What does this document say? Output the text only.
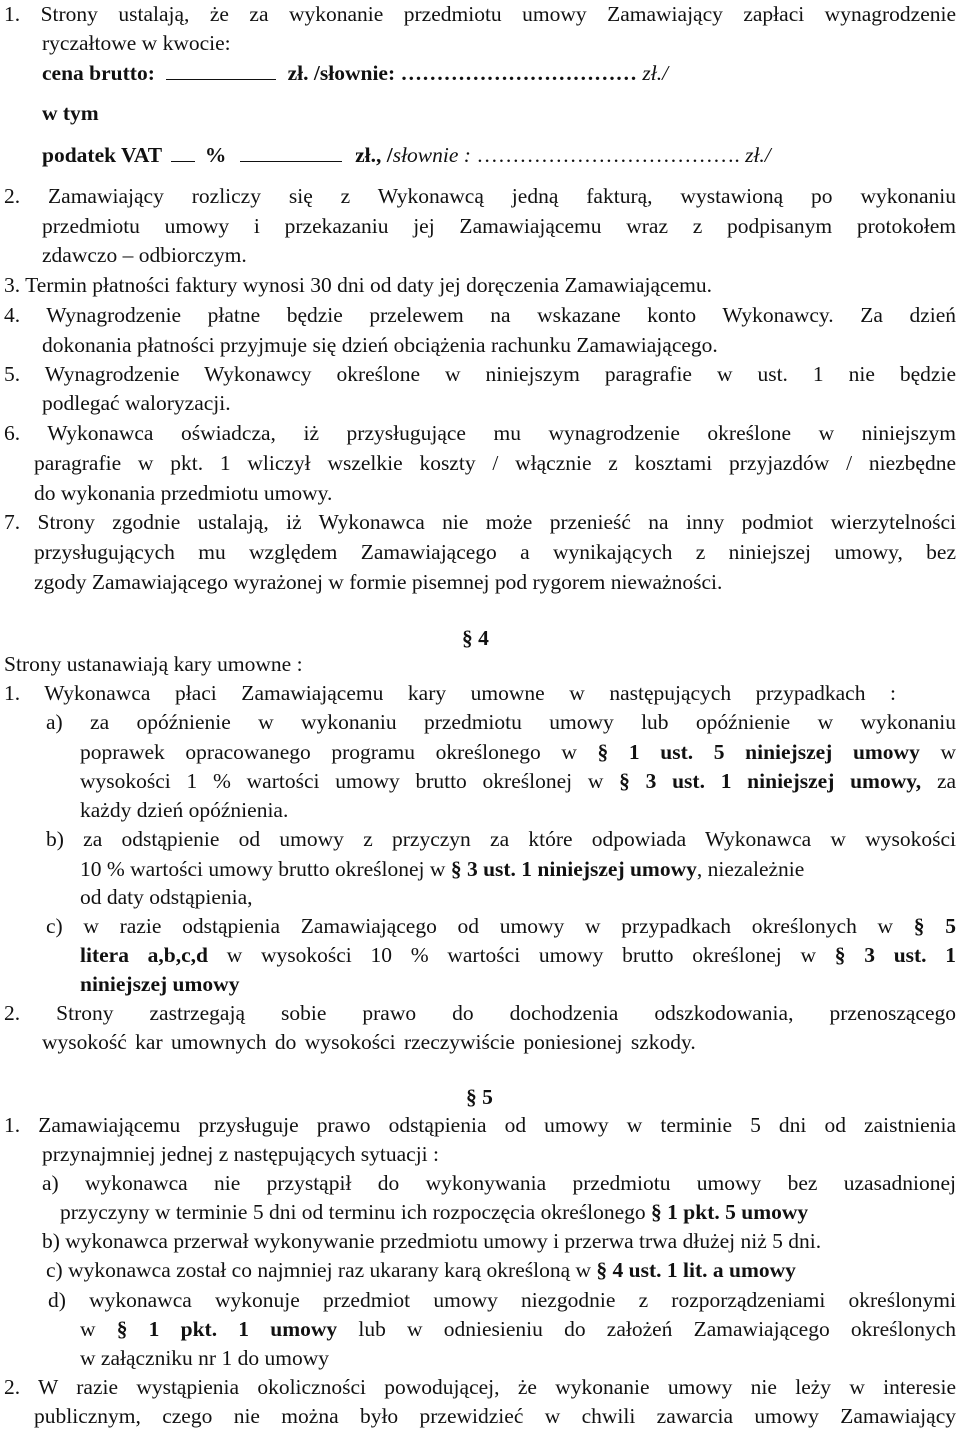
1. Strony ustalają, że za wykonanie przedmiotu umowy Zamawiający zapłaci wynagrodzenie
ryczałtowe w kwocie:
cena brutto:	zł. /słownie: …………………………… zł./
w tym
podatek VAT %	zł., /słownie : ………………………………. zł./
2. Zamawiający rozliczy się z Wykonawcą jedną fakturą, wystawioną po wykonaniu
przedmiotu umowy i przekazaniu jej Zamawiającemu wraz z podpisanym protokołem
zdawczo – odbiorczym.
3. Termin płatności faktury wynosi 30 dni od daty jej doręczenia Zamawiającemu.
4. Wynagrodzenie płatne będzie przelewem na wskazane konto Wykonawcy. Za dzień
dokonania płatności przyjmuje się dzień obciążenia rachunku Zamawiającego.
5. Wynagrodzenie Wykonawcy określone w niniejszym paragrafie w ust. 1 nie będzie
podlegać waloryzacji.
6. Wykonawca oświadcza, iż przysługujące mu wynagrodzenie określone w niniejszym
paragrafie w pkt. 1 wliczył wszelkie koszty / włącznie z kosztami przyjazdów / niezbędne
do wykonania przedmiotu umowy.
7. Strony zgodnie ustalają, iż Wykonawca nie może przenieść na inny podmiot wierzytelności
przysługujących mu względem Zamawiającego a wynikających z niniejszej umowy, bez
zgody Zamawiającego wyrażonej w formie pisemnej pod rygorem nieważności.
§ 4
Strony ustanawiają kary umowne :
1. Wykonawca płaci Zamawiającemu kary umowne w następujących przypadkach :
a) za opóźnienie w wykonaniu przedmiotu umowy lub opóźnienie w wykonaniu
poprawek opracowanego programu określonego w § 1 ust. 5 niniejszej umowy w
wysokości 1 % wartości umowy brutto określonej w § 3 ust. 1 niniejszej umowy, za
każdy dzień opóźnienia.
b) za odstąpienie od umowy z przyczyn za które odpowiada Wykonawca w wysokości
10 % wartości umowy brutto określonej w § 3 ust. 1 niniejszej umowy, niezależnie
od daty odstąpienia,
c) w razie odstąpienia Zamawiającego od umowy w przypadkach określonych w § 5
litera a,b,c,d w wysokości 10 % wartości umowy brutto określonej w § 3 ust. 1
niniejszej umowy
2. Strony zastrzegają sobie prawo do dochodzenia odszkodowania, przenoszącego
wysokość kar umownych do wysokości rzeczywiście poniesionej szkody.
§ 5
1. Zamawiającemu przysługuje prawo odstąpienia od umowy w terminie 5 dni od zaistnienia
przynajmniej jednej z następujących sytuacji :
a) wykonawca nie przystąpił do wykonywania przedmiotu umowy bez uzasadnionej
przyczyny w terminie 5 dni od terminu ich rozpoczęcia określonego § 1 pkt. 5 umowy
b) wykonawca przerwał wykonywanie przedmiotu umowy i przerwa trwa dłużej niż 5 dni.
c) wykonawca został co najmniej raz ukarany karą określoną w § 4 ust. 1 lit. a umowy
d) wykonawca wykonuje przedmiot umowy niezgodnie z rozporządzeniami określonymi
w § 1 pkt. 1 umowy lub w odniesieniu do założeń Zamawiającego określonych
w załączniku nr 1 do umowy
2. W razie wystąpienia okoliczności powodującej, że wykonanie umowy nie leży w interesie
publicznym, czego nie można było przewidzieć w chwili zawarcia umowy Zamawiający
